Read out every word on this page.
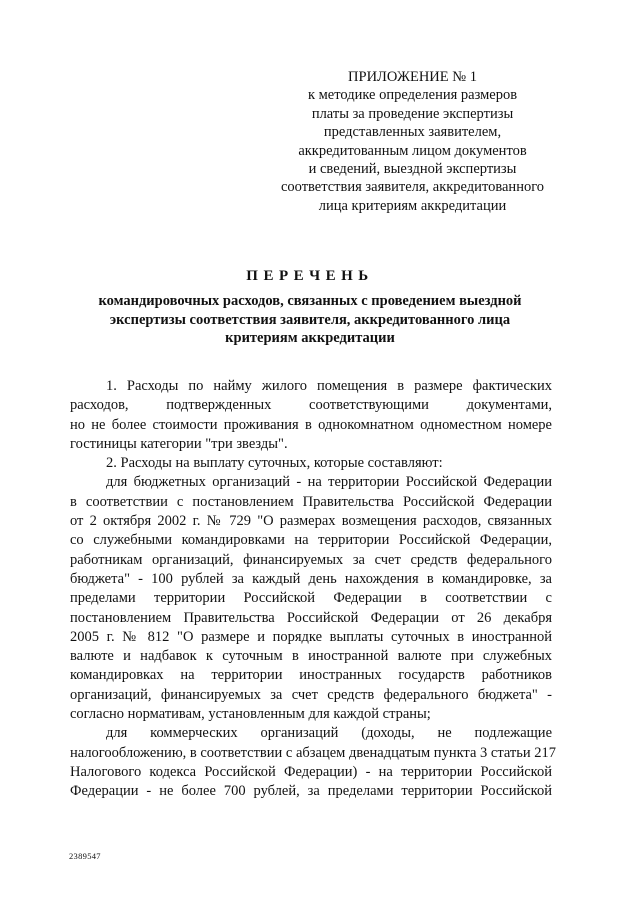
ПРИЛОЖЕНИЕ № 1
к методике определения размеров
платы за проведение экспертизы
представленных заявителем,
аккредитованным лицом документов
и сведений, выездной экспертизы
соответствия заявителя, аккредитованного
лица критериям аккредитации
ПЕРЕЧЕНЬ
командировочных расходов, связанных с проведением выездной
экспертизы соответствия заявителя, аккредитованного лица
критериям аккредитации
1. Расходы по найму жилого помещения в размере фактических
расходов, подтвержденных соответствующими документами,
но не более стоимости проживания в однокомнатном одноместном номере
гостиницы категории "три звезды".
2. Расходы на выплату суточных, которые составляют:
для бюджетных организаций - на территории Российской Федерации
в соответствии с постановлением Правительства Российской Федерации
от 2 октября 2002 г. № 729 "О размерах возмещения расходов, связанных
со служебными командировками на территории Российской Федерации,
работникам организаций, финансируемых за счет средств федерального
бюджета" - 100 рублей за каждый день нахождения в командировке, за
пределами территории Российской Федерации в соответствии с
постановлением Правительства Российской Федерации от 26 декабря
2005 г. № 812 "О размере и порядке выплаты суточных в иностранной
валюте и надбавок к суточным в иностранной валюте при служебных
командировках на территории иностранных государств работников
организаций, финансируемых за счет средств федерального бюджета" -
согласно нормативам, установленным для каждой страны;
для коммерческих организаций (доходы, не подлежащие
налогообложению, в соответствии с абзацем двенадцатым пункта 3 статьи 217
Налогового кодекса Российской Федерации) - на территории Российской
Федерации - не более 700 рублей, за пределами территории Российской
2389547
